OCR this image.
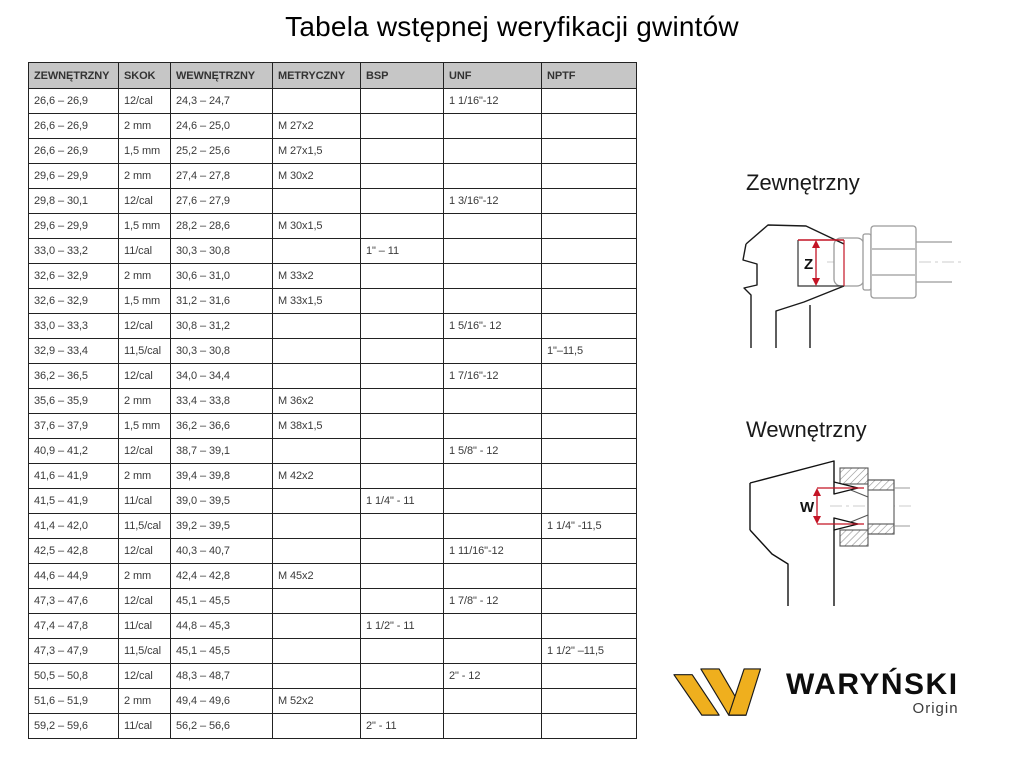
Tabela wstępnej weryfikacji gwintów
ZEWNĘTRZNY	SKOK	WEWNĘTRZNY	METRYCZNY	BSP	UNF	NPTF
26,6 – 26,9	12/cal	24,3 – 24,7			1 1/16"-12	
26,6 – 26,9	2 mm	24,6 – 25,0	M 27x2			
26,6 – 26,9	1,5 mm	25,2 – 25,6	M 27x1,5			
29,6 – 29,9	2 mm	27,4 – 27,8	M 30x2			
29,8 – 30,1	12/cal	27,6 – 27,9			1 3/16"-12	
29,6 – 29,9	1,5 mm	28,2 – 28,6	M 30x1,5			
33,0 – 33,2	11/cal	30,3 – 30,8		1" – 11		
32,6 – 32,9	2 mm	30,6 – 31,0	M 33x2			
32,6 – 32,9	1,5 mm	31,2 – 31,6	M 33x1,5			
33,0 – 33,3	12/cal	30,8 – 31,2			1 5/16"- 12	
32,9 – 33,4	11,5/cal	30,3 – 30,8				1"–11,5
36,2 – 36,5	12/cal	34,0 – 34,4			1 7/16"-12	
35,6 – 35,9	2 mm	33,4 – 33,8	M 36x2			
37,6 – 37,9	1,5 mm	36,2 – 36,6	M 38x1,5			
40,9 – 41,2	12/cal	38,7 – 39,1			1 5/8" - 12	
41,6 – 41,9	2 mm	39,4 – 39,8	M 42x2			
41,5 – 41,9	11/cal	39,0 – 39,5		1 1/4" - 11		
41,4 – 42,0	11,5/cal	39,2 – 39,5				1 1/4" -11,5
42,5 – 42,8	12/cal	40,3 – 40,7			1 11/16"-12	
44,6 – 44,9	2 mm	42,4 – 42,8	M 45x2			
47,3 – 47,6	12/cal	45,1 – 45,5			1 7/8" - 12	
47,4 – 47,8	11/cal	44,8 – 45,3		1 1/2" - 11		
47,3 – 47,9	11,5/cal	45,1 – 45,5				1 1/2" –11,5
50,5 – 50,8	12/cal	48,3 – 48,7			2" - 12	
51,6 – 51,9	2 mm	49,4 – 49,6	M 52x2			
59,2 – 59,6	11/cal	56,2 – 56,6		2" - 11		
Zewnętrzny
Z
Wewnętrzny
W
WARYŃSKI
Origin
